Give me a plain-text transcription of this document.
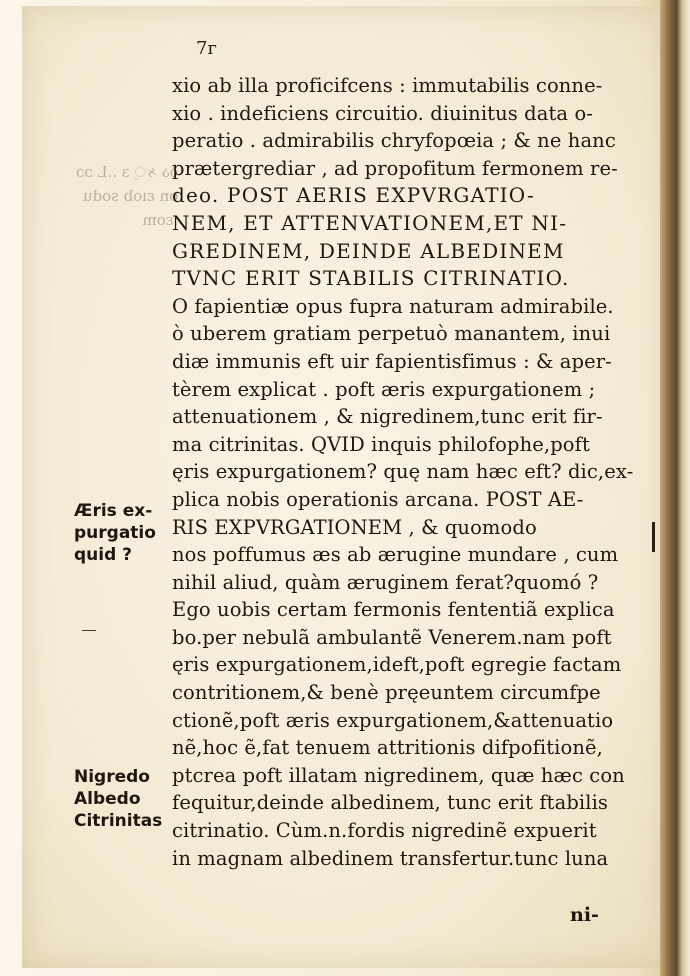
ბა ક਼ ɜ ..L ɔɔ
on ɛıob sodu
.ɛom
7г
xio ab illa proficifcens : immutabilis conne-
xio . indeficiens circuitio. diuinitus data o-
peratio . admirabilis chryfopœia ; & ne hanc
prætergrediar , ad propofitum fermonem re-
deo. POST AERIS EXPVRGATIO-
NEM, ET ATTENVATIONEM,ET NI-
GREDINEM, DEINDE ALBEDINEM
TVNC ERIT STABILIS CITRINATIO.
O fapientiæ opus fupra naturam admirabile.
ò uberem gratiam perpetuò manantem, inui
diæ immunis eft uir fapientisfimus : & aper-
tèrem explicat . poft æris expurgationem ;
attenuationem , & nigredinem,tunc erit fir-
ma citrinitas. QVID inquis philofophe,poft
ęris expurgationem? quę nam hæc eft? dic,ex-
plica nobis operationis arcana. POST AE-
RIS EXPVRGATIONEM , & quomodo
nos poffumus æs ab ærugine mundare , cum
nihil aliud, quàm æruginem ferat?quomó ?
Ego uobis certam fermonis fententiã explica
bo.per nebulã ambulantẽ Venerem.nam poft
ęris expurgationem,ideft,poft egregie factam
contritionem,& benè pręeuntem circumfpe
ctionẽ,poft æris expurgationem,&attenuatio
nẽ,hoc ẽ,fat tenuem attritionis difpofitionẽ,
ptcrea poft illatam nigredinem, quæ hæc con
fequitur,deinde albedinem, tunc erit ftabilis
citrinatio. Cùm.n.fordis nigredinẽ expuerit
in magnam albedinem transfertur.tunc luna
ni-
Æris ex-
purgatio
quid ?
Nigredo
Albedo
Citrinitas
